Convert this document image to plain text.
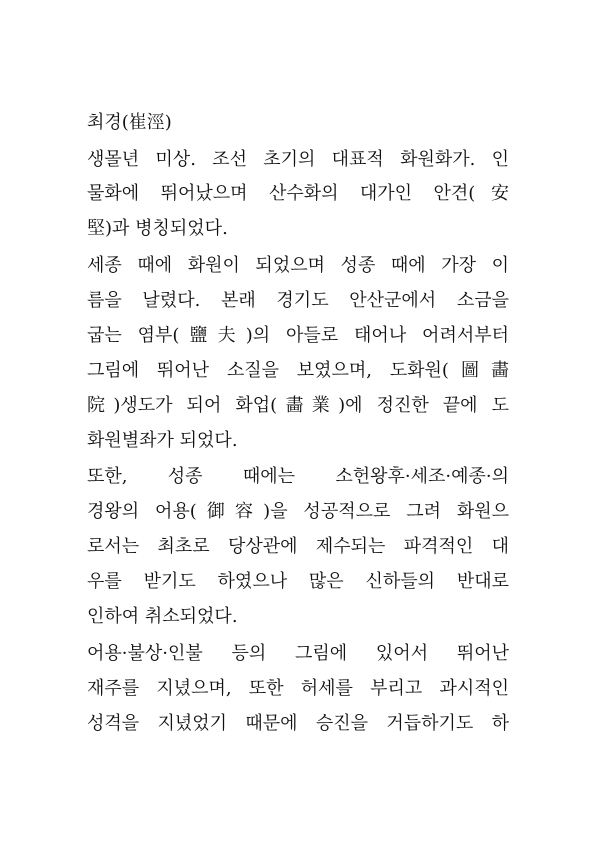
최경(崔涇)
생몰년 미상. 조선 초기의 대표적 화원화가. 인
물화에 뛰어났으며 산수화의 대가인 안견(安
堅)과 병칭되었다.
세종 때에 화원이 되었으며 성종 때에 가장 이
름을 날렸다. 본래 경기도 안산군에서 소금을
굽는 염부(鹽夫)의 아들로 태어나 어려서부터
그림에 뛰어난 소질을 보였으며, 도화원(圖畵
院)생도가 되어 화업(畵業)에 정진한 끝에 도
화원별좌가 되었다.
또한, 성종 때에는 소헌왕후·세조·예종·의
경왕의 어용(御容)을 성공적으로 그려 화원으
로서는 최초로 당상관에 제수되는 파격적인 대
우를 받기도 하였으나 많은 신하들의 반대로
인하여 취소되었다.
어용·불상·인불 등의 그림에 있어서 뛰어난
재주를 지녔으며, 또한 허세를 부리고 과시적인
성격을 지녔었기 때문에 승진을 거듭하기도 하
